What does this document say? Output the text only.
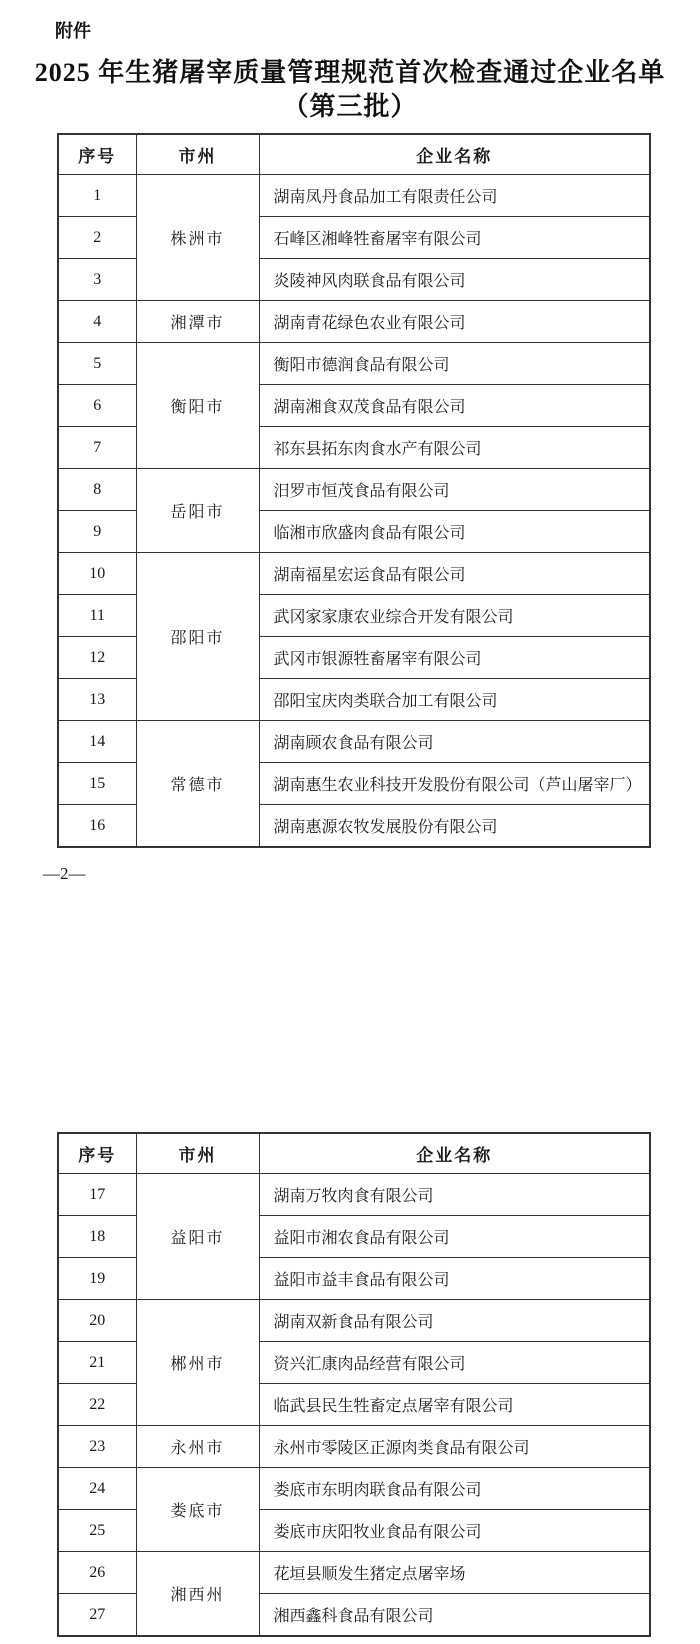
附件
2025 年生猪屠宰质量管理规范首次检查通过企业名单
（第三批）
序号	市州	企业名称
1	株洲市	湖南凤丹食品加工有限责任公司
2		石峰区湘峰牲畜屠宰有限公司
3		炎陵神风肉联食品有限公司
4	湘潭市	湖南青花绿色农业有限公司
5	衡阳市	衡阳市德润食品有限公司
6		湖南湘食双茂食品有限公司
7		祁东县拓东肉食水产有限公司
8	岳阳市	汨罗市恒茂食品有限公司
9		临湘市欣盛肉食品有限公司
10	邵阳市	湖南福星宏运食品有限公司
11		武冈家家康农业综合开发有限公司
12		武冈市银源牲畜屠宰有限公司
13		邵阳宝庆肉类联合加工有限公司
14	常德市	湖南顾农食品有限公司
15		湖南惠生农业科技开发股份有限公司（芦山屠宰厂）
16		湖南惠源农牧发展股份有限公司
—2—
序号	市州	企业名称
17	益阳市	湖南万牧肉食有限公司
18		益阳市湘农食品有限公司
19		益阳市益丰食品有限公司
20	郴州市	湖南双新食品有限公司
21		资兴汇康肉品经营有限公司
22		临武县民生牲畜定点屠宰有限公司
23	永州市	永州市零陵区正源肉类食品有限公司
24	娄底市	娄底市东明肉联食品有限公司
25		娄底市庆阳牧业食品有限公司
26	湘西州	花垣县顺发生猪定点屠宰场
27		湘西鑫科食品有限公司
